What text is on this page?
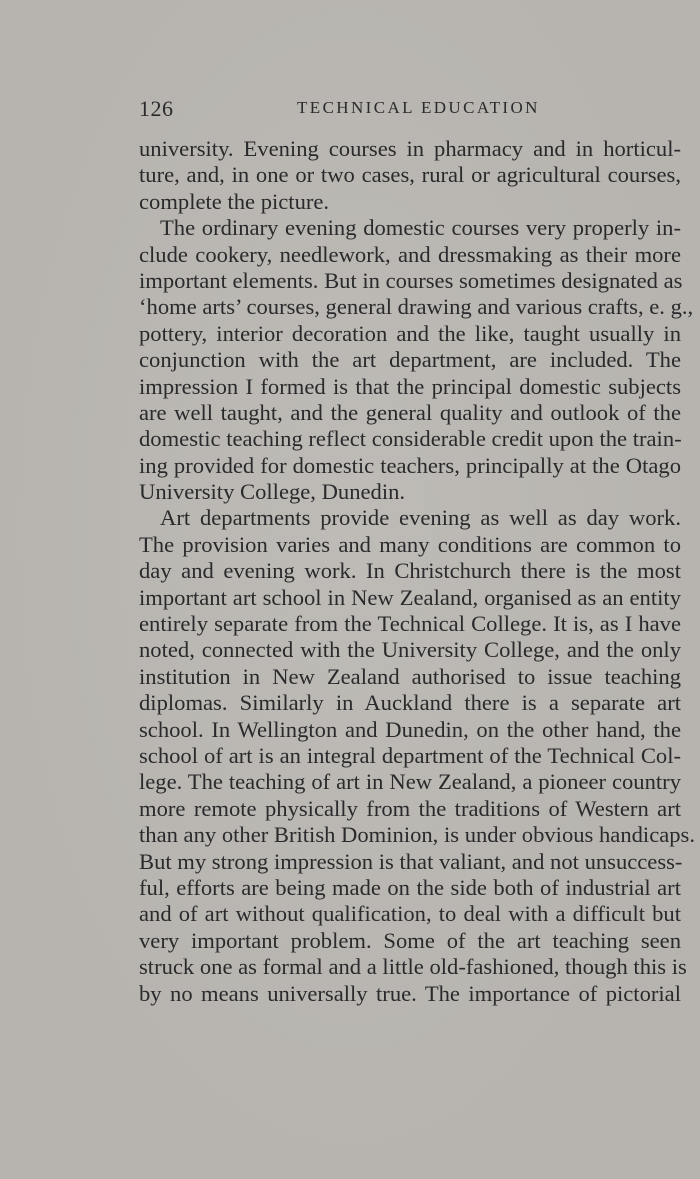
126	TECHNICAL EDUCATION
university. Evening courses in pharmacy and in horticul-
ture, and, in one or two cases, rural or agricultural courses,
complete the picture.
The ordinary evening domestic courses very properly in-
clude cookery, needlework, and dressmaking as their more
important elements. But in courses sometimes designated as
‘home arts’ courses, general drawing and various crafts, e. g.,
pottery, interior decoration and the like, taught usually in
conjunction with the art department, are included. The
impression I formed is that the principal domestic subjects
are well taught, and the general quality and outlook of the
domestic teaching reflect considerable credit upon the train-
ing provided for domestic teachers, principally at the Otago
University College, Dunedin.
Art departments provide evening as well as day work.
The provision varies and many conditions are common to
day and evening work. In Christchurch there is the most
important art school in New Zealand, organised as an entity
entirely separate from the Technical College. It is, as I have
noted, connected with the University College, and the only
institution in New Zealand authorised to issue teaching
diplomas. Similarly in Auckland there is a separate art
school. In Wellington and Dunedin, on the other hand, the
school of art is an integral department of the Technical Col-
lege. The teaching of art in New Zealand, a pioneer country
more remote physically from the traditions of Western art
than any other British Dominion, is under obvious handicaps.
But my strong impression is that valiant, and not unsuccess-
ful, efforts are being made on the side both of industrial art
and of art without qualification, to deal with a difficult but
very important problem. Some of the art teaching seen
struck one as formal and a little old-fashioned, though this is
by no means universally true. The importance of pictorial
